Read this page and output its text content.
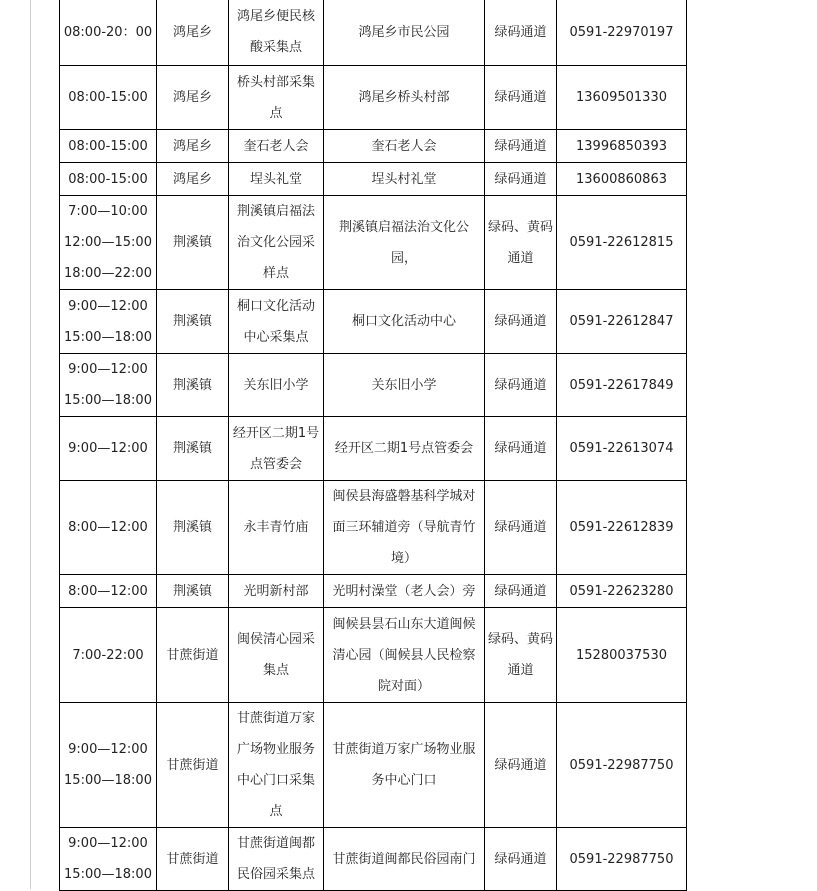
08:00-20：00	鸿尾乡	鸿尾乡便民核酸采集点	鸿尾乡市民公园	绿码通道	0591-22970197

08:00-15:00	鸿尾乡	桥头村部采集点	鸿尾乡桥头村部	绿码通道	13609501330

08:00-15:00	鸿尾乡	奎石老人会	奎石老人会	绿码通道	13996850393

08:00-15:00	鸿尾乡	埕头礼堂	埕头村礼堂	绿码通道	13600860863

7:00—10:00
12:00—15:00
18:00—22:00	荆溪镇	荆溪镇启福法治文化公园采样点	荆溪镇启福法治文化公园，	绿码、黄码通道	0591-22612815

9:00—12:00
15:00—18:00	荆溪镇	桐口文化活动中心采集点	桐口文化活动中心	绿码通道	0591-22612847

9:00—12:00
15:00—18:00	荆溪镇	关东旧小学	关东旧小学	绿码通道	0591-22617849

9:00—12:00	荆溪镇	经开区二期1号点管委会	经开区二期1号点管委会	绿码通道	0591-22613074

8:00—12:00	荆溪镇	永丰青竹庙	闽侯县海盛磐基科学城对面三环辅道旁（导航青竹境）	绿码通道	0591-22612839

8:00—12:00	荆溪镇	光明新村部	光明村澡堂（老人会）旁	绿码通道	0591-22623280

7:00-22:00	甘蔗街道	闽侯清心园采集点	闽候县昙石山东大道闽候清心园（闽候县人民检察院对面）	绿码、黄码通道	15280037530

9:00—12:00
15:00—18:00	甘蔗街道	甘蔗街道万家广场物业服务中心门口采集点	甘蔗街道万家广场物业服务中心门口	绿码通道	0591-22987750

9:00—12:00
15:00—18:00	甘蔗街道	甘蔗街道闽都民俗园采集点	甘蔗街道闽都民俗园南门	绿码通道	0591-22987750
